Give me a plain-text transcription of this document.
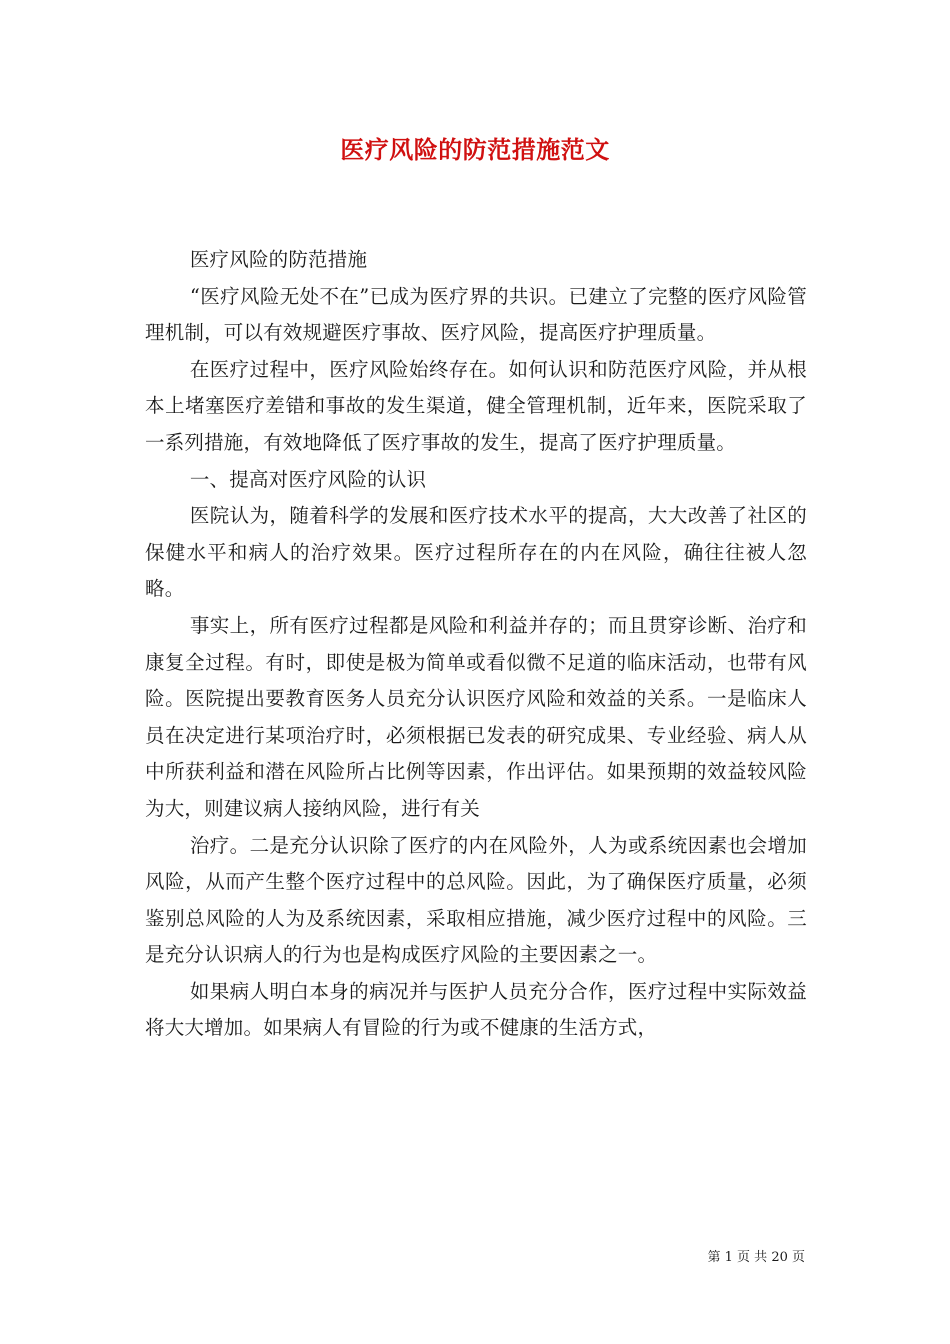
医疗风险的防范措施范文

医疗风险的防范措施

“医疗风险无处不在”已成为医疗界的共识。已建立了完整的医疗风险管理机制，可以有效规避医疗事故、医疗风险，提高医疗护理质量。

在医疗过程中，医疗风险始终存在。如何认识和防范医疗风险，并从根本上堵塞医疗差错和事故的发生渠道，健全管理机制，近年来，医院采取了一系列措施，有效地降低了医疗事故的发生，提高了医疗护理质量。

一、提高对医疗风险的认识

医院认为，随着科学的发展和医疗技术水平的提高，大大改善了社区的保健水平和病人的治疗效果。医疗过程所存在的内在风险，确往往被人忽略。

事实上，所有医疗过程都是风险和利益并存的；而且贯穿诊断、治疗和康复全过程。有时，即使是极为简单或看似微不足道的临床活动，也带有风险。医院提出要教育医务人员充分认识医疗风险和效益的关系。一是临床人员在决定进行某项治疗时，必须根据已发表的研究成果、专业经验、病人从中所获利益和潜在风险所占比例等因素，作出评估。如果预期的效益较风险为大，则建议病人接纳风险，进行有关

治疗。二是充分认识除了医疗的内在风险外，人为或系统因素也会增加风险，从而产生整个医疗过程中的总风险。因此，为了确保医疗质量，必须鉴别总风险的人为及系统因素，采取相应措施，减少医疗过程中的风险。三是充分认识病人的行为也是构成医疗风险的主要因素之一。

如果病人明白本身的病况并与医护人员充分合作，医疗过程中实际效益将大大增加。如果病人有冒险的行为或不健康的生活方式，

第 1 页 共 20 页
